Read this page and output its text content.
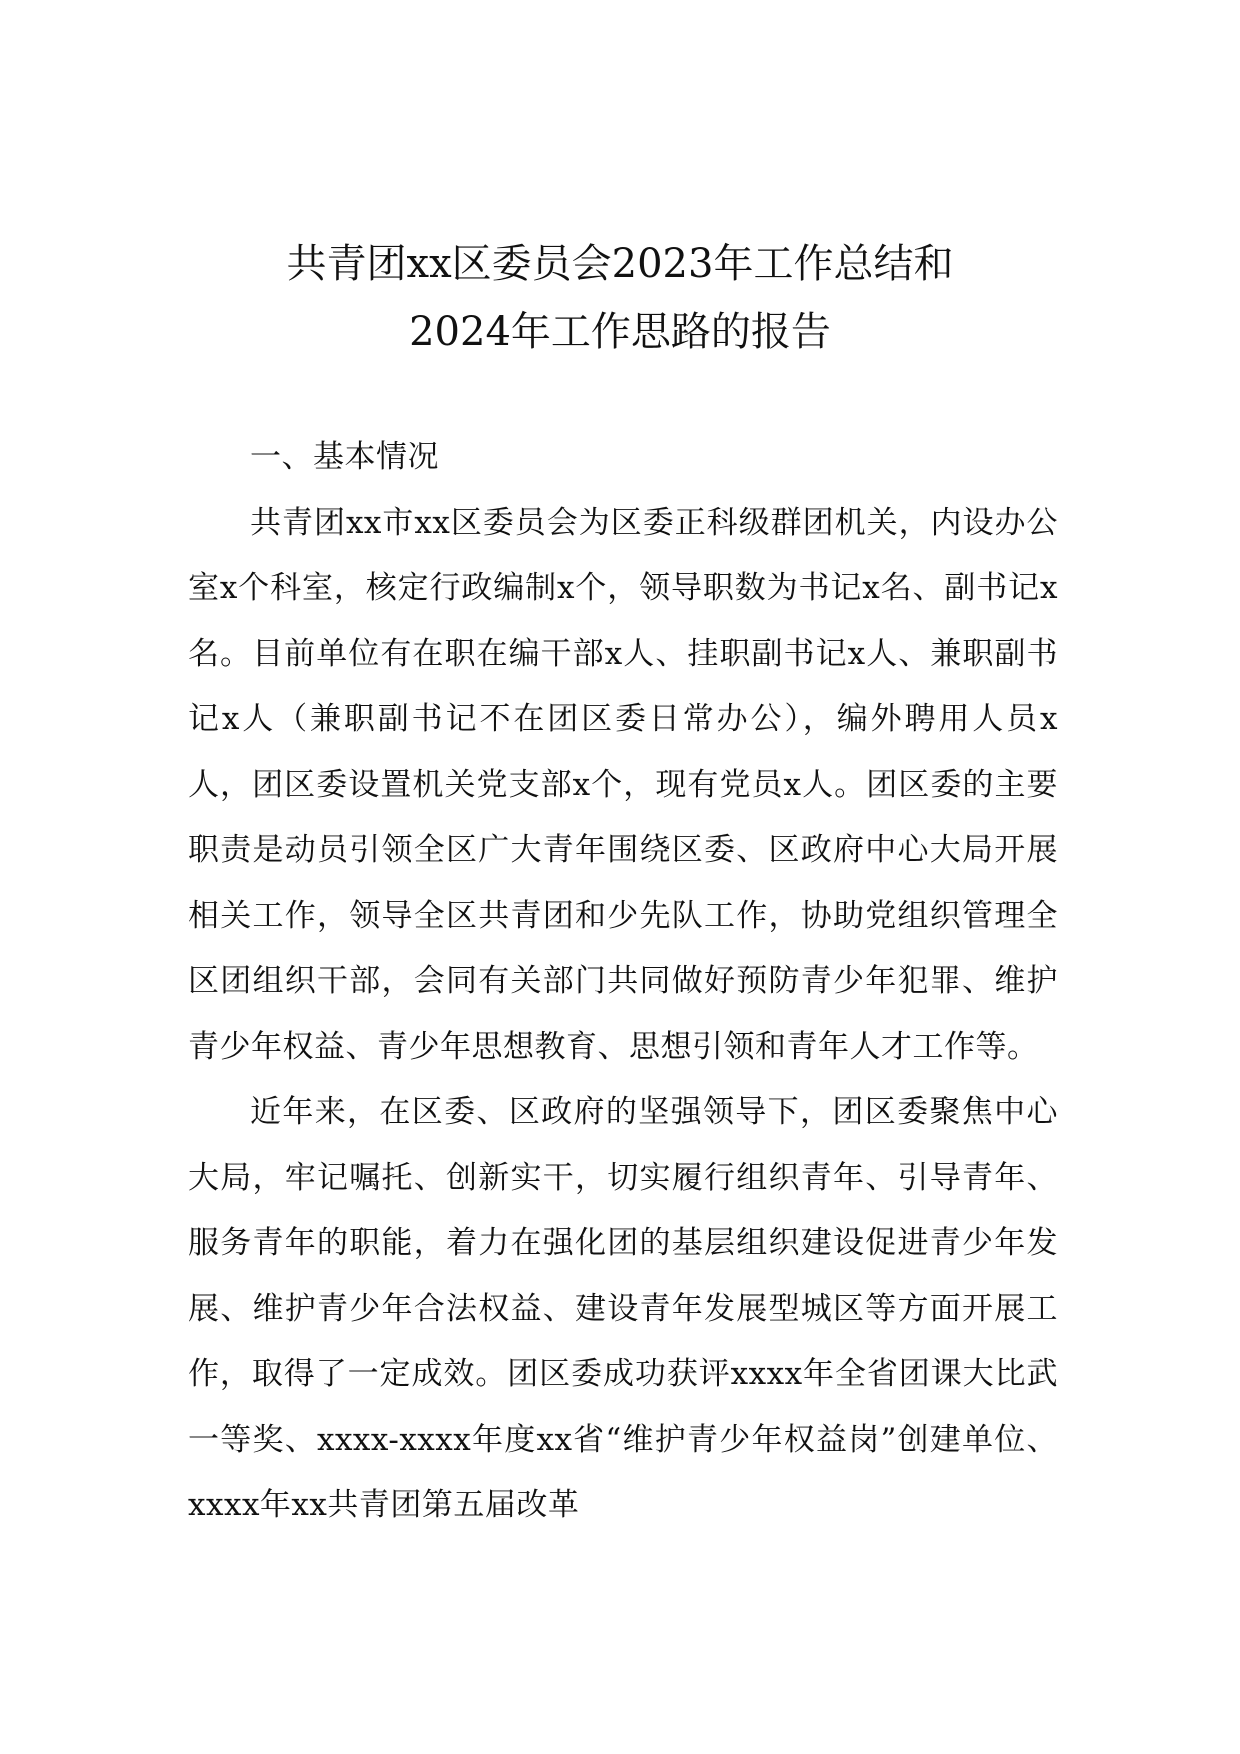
共青团xx区委员会2023年工作总结和
2024年工作思路的报告
一、基本情况

共青团xx市xx区委员会为区委正科级群团机关，内设办公室x个科室，核定行政编制x个，领导职数为书记x名、副书记x名。目前单位有在职在编干部x人、挂职副书记x人、兼职副书记x人（兼职副书记不在团区委日常办公），编外聘用人员x人，团区委设置机关党支部x个，现有党员x人。团区委的主要职责是动员引领全区广大青年围绕区委、区政府中心大局开展相关工作，领导全区共青团和少先队工作，协助党组织管理全区团组织干部，会同有关部门共同做好预防青少年犯罪、维护青少年权益、青少年思想教育、思想引领和青年人才工作等。

近年来，在区委、区政府的坚强领导下，团区委聚焦中心大局，牢记嘱托、创新实干，切实履行组织青年、引导青年、服务青年的职能，着力在强化团的基层组织建设促进青少年发展、维护青少年合法权益、建设青年发展型城区等方面开展工作，取得了一定成效。团区委成功获评xxxx年全省团课大比武一等奖、xxxx-xxxx年度xx省“维护青少年权益岗”创建单位、xxxx年xx共青团第五届改革
